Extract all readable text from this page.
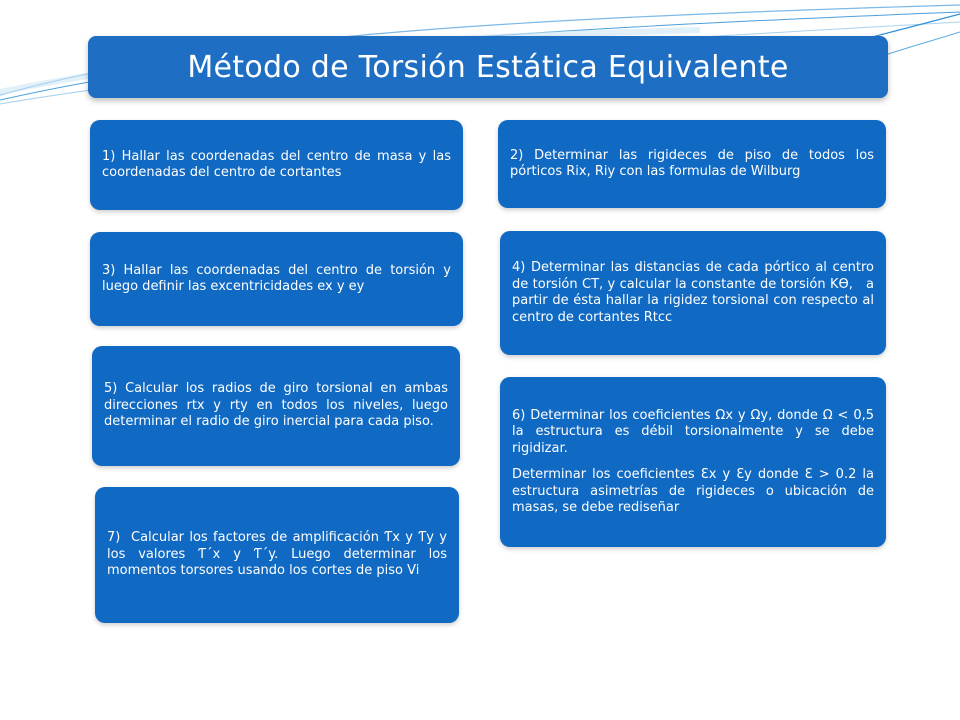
Método de Torsión Estática Equivalente

1) Hallar las coordenadas del centro de masa y las coordenadas del centro de cortantes

2) Determinar las rigideces de piso de todos los pórticos Rix, Riy con las formulas de Wilburg

3) Hallar las coordenadas del centro de torsión y luego definir las excentricidades ex y ey

4) Determinar las distancias de cada pórtico al centro de torsión CT, y calcular la constante de torsión Kϴ,   a partir de ésta hallar la rigidez torsional con respecto al centro de cortantes Rtcc

5) Calcular los radios de giro torsional en ambas direcciones rtx y rty en todos los niveles, luego determinar el radio de giro inercial para cada piso.	6) Determinar los coeficientes Ωx y Ωy, donde Ω < 0,5 la estructura es débil torsionalmente y se debe rigidizar.

Determinar los coeficientes Ɛx y Ɛy donde Ɛ > 0.2 la estructura asimetrías de rigideces o ubicación de masas, se debe rediseñar

7)  Calcular los factores de amplificación Ƭx y Ƭy y los valores Ƭ´x y Ƭ´y. Luego determinar los momentos torsores usando los cortes de piso Vi
